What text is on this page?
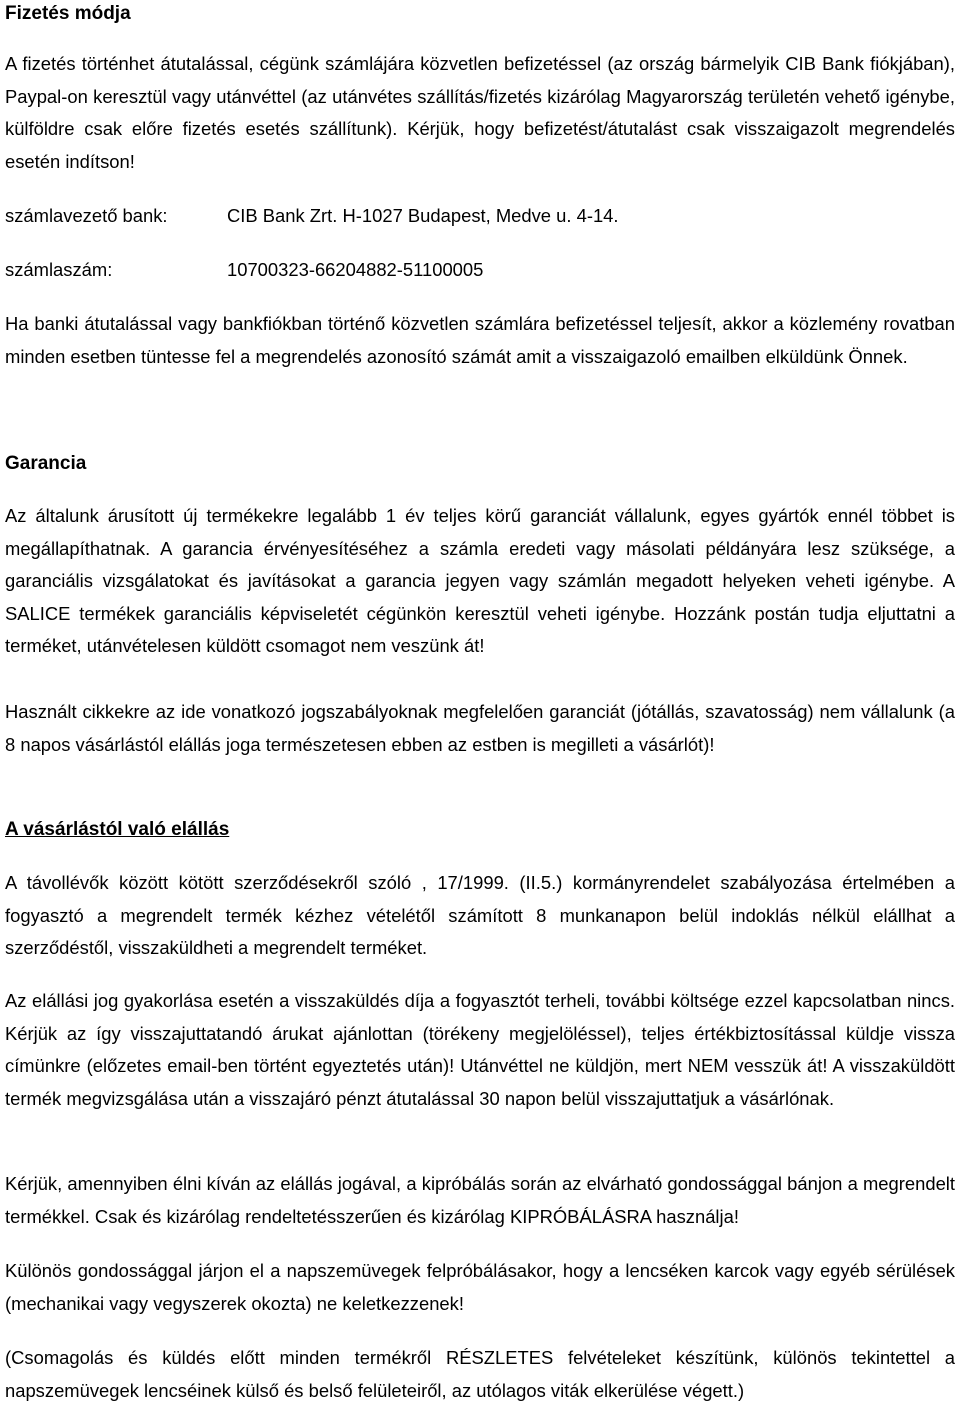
Fizetés módja

A fizetés történhet átutalással, cégünk számlájára közvetlen befizetéssel (az ország bármelyik CIB Bank fiókjában), Paypal-on keresztül vagy utánvéttel (az utánvétes szállítás/fizetés kizárólag Magyarország területén vehető igénybe, külföldre csak előre fizetés esetés szállítunk). Kérjük, hogy befizetést/átutalást csak visszaigazolt megrendelés esetén indítson!

számlavezető bank:	CIB Bank Zrt. H-1027 Budapest, Medve u. 4-14.
számlaszám:	10700323-66204882-51100005

Ha banki átutalással vagy bankfiókban történő közvetlen számlára befizetéssel teljesít, akkor a közlemény rovatban minden esetben tüntesse fel a megrendelés azonosító számát amit a visszaigazoló emailben elküldünk Önnek.

Garancia

Az általunk árusított új termékekre legalább 1 év teljes körű garanciát vállalunk, egyes gyártók ennél többet is megállapíthatnak. A garancia érvényesítéséhez a számla eredeti vagy másolati példányára lesz szüksége, a garanciális vizsgálatokat és javításokat a garancia jegyen vagy számlán megadott helyeken veheti igénybe. A SALICE termékek garanciális képviseletét cégünkön keresztül veheti igénybe. Hozzánk postán tudja eljuttatni a terméket, utánvételesen küldött csomagot nem veszünk át!

Használt cikkekre az ide vonatkozó jogszabályoknak megfelelően garanciát (jótállás, szavatosság) nem vállalunk (a 8 napos vásárlástól elállás joga természetesen ebben az estben is megilleti a vásárlót)!

A vásárlástól való elállás

A távollévők között kötött szerződésekről szóló , 17/1999. (II.5.) kormányrendelet szabályozása értelmében a fogyasztó a megrendelt termék kézhez vételétől számított 8 munkanapon belül indoklás nélkül elállhat a szerződéstől, visszaküldheti a megrendelt terméket.

Az elállási jog gyakorlása esetén a visszaküldés díja a fogyasztót terheli, további költsége ezzel kapcsolatban nincs. Kérjük az így visszajuttatandó árukat ajánlottan (törékeny megjelöléssel), teljes értékbiztosítással küldje vissza címünkre (előzetes email-ben történt egyeztetés után)! Utánvéttel ne küldjön, mert NEM vesszük át! A visszaküldött termék megvizsgálása után a visszajáró pénzt átutalással 30 napon belül visszajuttatjuk a vásárlónak.

Kérjük, amennyiben élni kíván az elállás jogával, a kipróbálás során az elvárható gondossággal bánjon a megrendelt termékkel. Csak és kizárólag rendeltetésszerűen és kizárólag KIPRÓBÁLÁSRA használja!

Különös gondossággal járjon el a napszemüvegek felpróbálásakor, hogy a lencséken karcok vagy egyéb sérülések (mechanikai vagy vegyszerek okozta) ne keletkezzenek!

(Csomagolás és küldés előtt minden termékről RÉSZLETES felvételeket készítünk, különös tekintettel a napszemüvegek lencséinek külső és belső felületeiről, az utólagos viták elkerülése végett.)
